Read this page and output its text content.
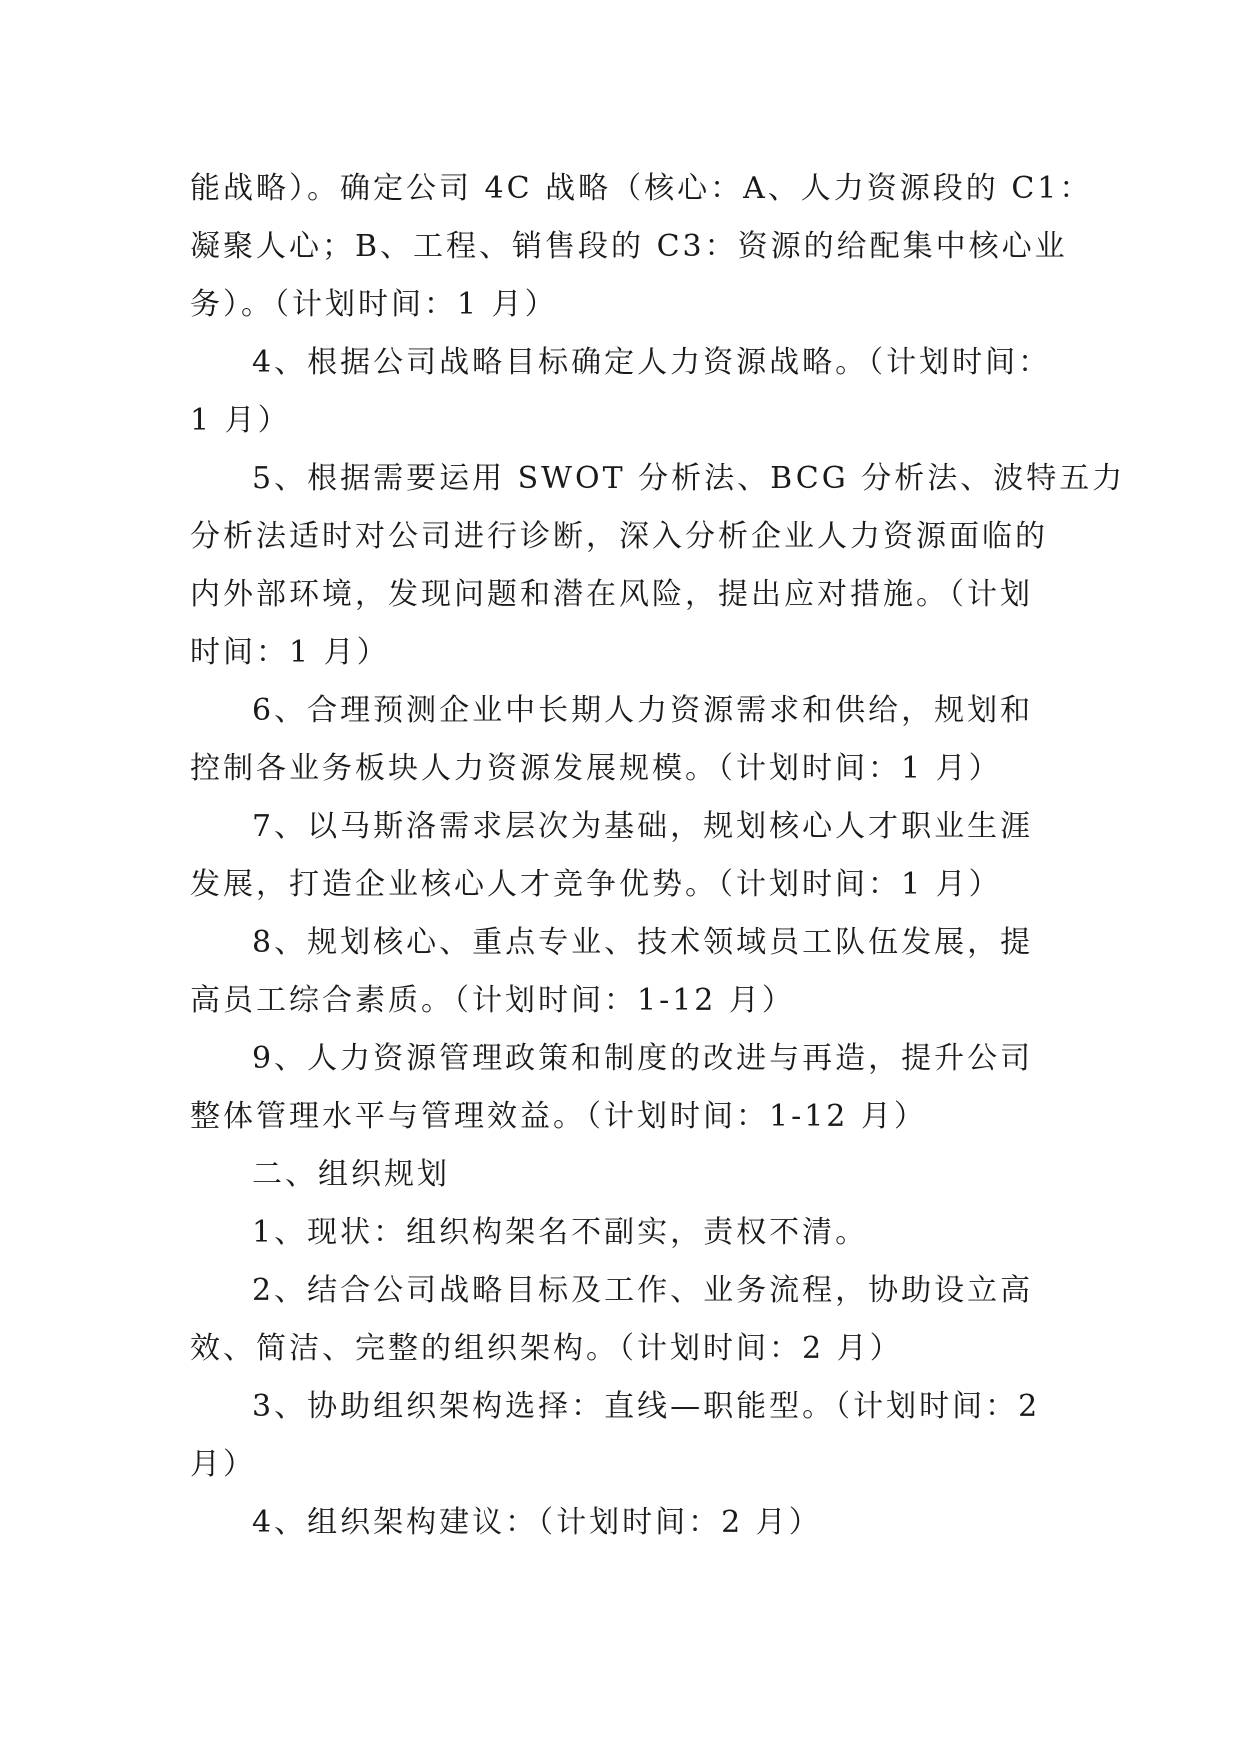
能战略）。确定公司 4C 战略（核心：A、人力资源段的 C1：
凝聚人心；B、工程、销售段的 C3：资源的给配集中核心业
务）。（计划时间：1 月）
4、根据公司战略目标确定人力资源战略。（计划时间：
1 月）
5、根据需要运用 SWOT 分析法、BCG 分析法、波特五力
分析法适时对公司进行诊断，深入分析企业人力资源面临的
内外部环境，发现问题和潜在风险，提出应对措施。（计划
时间：1 月）
6、合理预测企业中长期人力资源需求和供给，规划和
控制各业务板块人力资源发展规模。（计划时间：1 月）
7、以马斯洛需求层次为基础，规划核心人才职业生涯
发展，打造企业核心人才竞争优势。（计划时间：1 月）
8、规划核心、重点专业、技术领域员工队伍发展，提
高员工综合素质。（计划时间：1-12 月）
9、人力资源管理政策和制度的改进与再造，提升公司
整体管理水平与管理效益。（计划时间：1-12 月）
二、组织规划
1、现状：组织构架名不副实，责权不清。
2、结合公司战略目标及工作、业务流程，协助设立高
效、简洁、完整的组织架构。（计划时间：2 月）
3、协助组织架构选择：直线—职能型。（计划时间：2
月）
4、组织架构建议：（计划时间：2 月）
